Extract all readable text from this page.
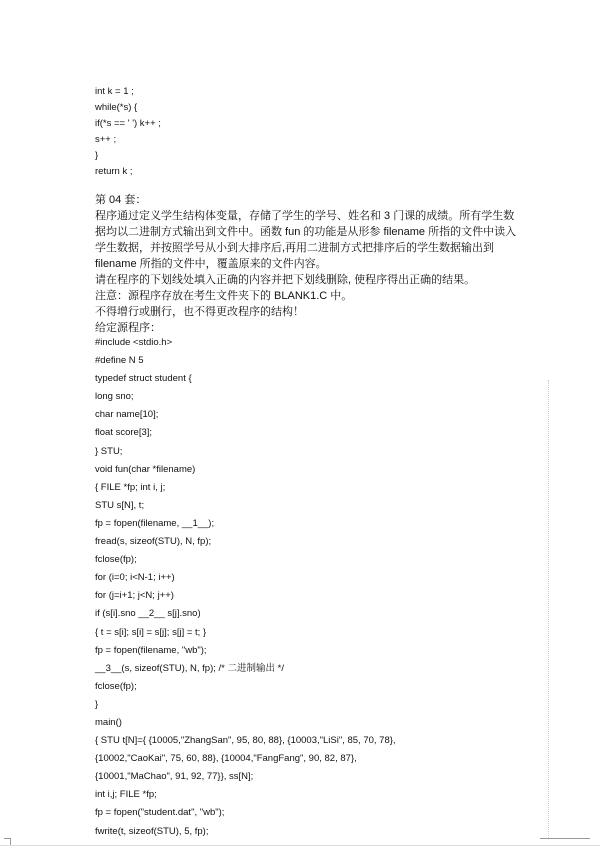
int k = 1 ;
while(*s) {
if(*s == ' ') k++ ;
s++ ;
}
return k ;
第 04 套：
程序通过定义学生结构体变量，存储了学生的学号、姓名和 3 门课的成绩。所有学生数据均以二进制方式输出到文件中。函数 fun 的功能是从形参 filename 所指的文件中读入学生数据，并按照学号从小到大排序后,再用二进制方式把排序后的学生数据输出到 filename 所指的文件中，覆盖原来的文件内容。
请在程序的下划线处填入正确的内容并把下划线删除, 使程序得出正确的结果。
注意：源程序存放在考生文件夹下的 BLANK1.C 中。
不得增行或删行，也不得更改程序的结构！
给定源程序：
#include <stdio.h>
#define N 5
typedef struct student {
long sno;
char name[10];
float score[3];
} STU;
void fun(char *filename)
{ FILE *fp; int i, j;
STU s[N], t;
fp = fopen(filename, __1__);
fread(s, sizeof(STU), N, fp);
fclose(fp);
for (i=0; i<N-1; i++)
for (j=i+1; j<N; j++)
if (s[i].sno __2__ s[j].sno)
{ t = s[i]; s[i] = s[j]; s[j] = t; }
fp = fopen(filename, "wb");
__3__(s, sizeof(STU), N, fp); /* 二进制输出 */
fclose(fp);
}
main()
{ STU t[N]={ {10005,"ZhangSan", 95, 80, 88}, {10003,"LiSi", 85, 70, 78},
{10002,"CaoKai", 75, 60, 88}, {10004,"FangFang", 90, 82, 87},
{10001,"MaChao", 91, 92, 77}}, ss[N];
int i,j; FILE *fp;
fp = fopen("student.dat", "wb");
fwrite(t, sizeof(STU), 5, fp);
